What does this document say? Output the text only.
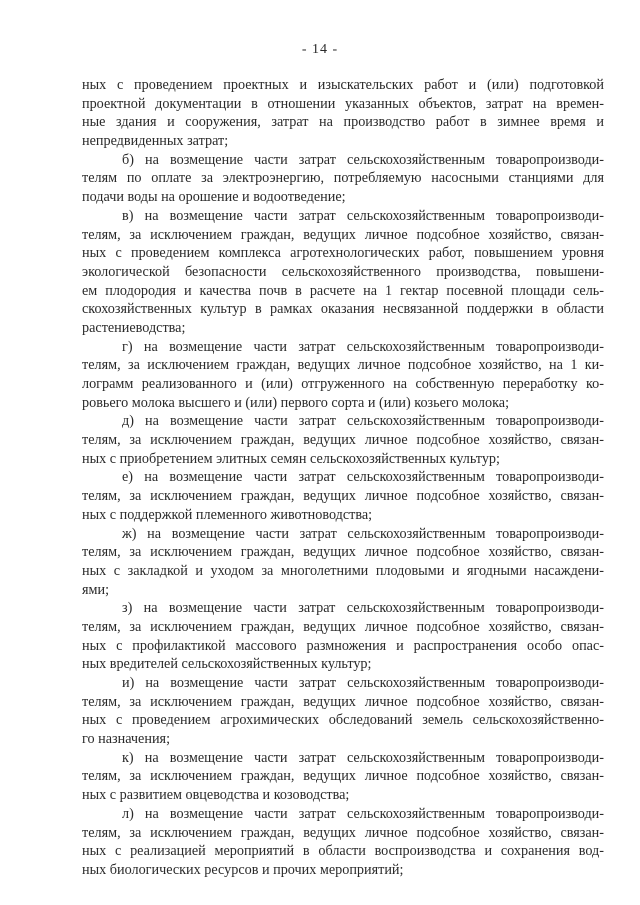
- 14 -
ных с проведением проектных и изыскательских работ и (или) подготовкой
проектной документации в отношении указанных объектов, затрат на времен-
ные здания и сооружения, затрат на производство работ в зимнее время и
непредвиденных затрат;
б) на возмещение части затрат сельскохозяйственным товаропроизводи-
телям по оплате за электроэнергию, потребляемую насосными станциями для
подачи воды на орошение и водоотведение;
в) на возмещение части затрат сельскохозяйственным товаропроизводи-
телям, за исключением граждан, ведущих личное подсобное хозяйство, связан-
ных с проведением комплекса агротехнологических работ, повышением уровня
экологической безопасности сельскохозяйственного производства, повышени-
ем плодородия и качества почв в расчете на 1 гектар посевной площади сель-
скохозяйственных культур в рамках оказания несвязанной поддержки в области
растениеводства;
г) на возмещение части затрат сельскохозяйственным товаропроизводи-
телям, за исключением граждан, ведущих личное подсобное хозяйство, на 1 ки-
лограмм реализованного и (или) отгруженного на собственную переработку ко-
ровьего молока высшего и (или) первого сорта и (или) козьего молока;
д) на возмещение части затрат сельскохозяйственным товаропроизводи-
телям, за исключением граждан, ведущих личное подсобное хозяйство, связан-
ных с приобретением элитных семян сельскохозяйственных культур;
е) на возмещение части затрат сельскохозяйственным товаропроизводи-
телям, за исключением граждан, ведущих личное подсобное хозяйство, связан-
ных с поддержкой племенного животноводства;
ж) на возмещение части затрат сельскохозяйственным товаропроизводи-
телям, за исключением граждан, ведущих личное подсобное хозяйство, связан-
ных с закладкой и уходом за многолетними плодовыми и ягодными насаждени-
ями;
з) на возмещение части затрат сельскохозяйственным товаропроизводи-
телям, за исключением граждан, ведущих личное подсобное хозяйство, связан-
ных с профилактикой массового размножения и распространения особо опас-
ных вредителей сельскохозяйственных культур;
и) на возмещение части затрат сельскохозяйственным товаропроизводи-
телям, за исключением граждан, ведущих личное подсобное хозяйство, связан-
ных с проведением агрохимических обследований земель сельскохозяйственно-
го назначения;
к) на возмещение части затрат сельскохозяйственным товаропроизводи-
телям, за исключением граждан, ведущих личное подсобное хозяйство, связан-
ных с развитием овцеводства и козоводства;
л) на возмещение части затрат сельскохозяйственным товаропроизводи-
телям, за исключением граждан, ведущих личное подсобное хозяйство, связан-
ных с реализацией мероприятий в области воспроизводства и сохранения вод-
ных биологических ресурсов и прочих мероприятий;
